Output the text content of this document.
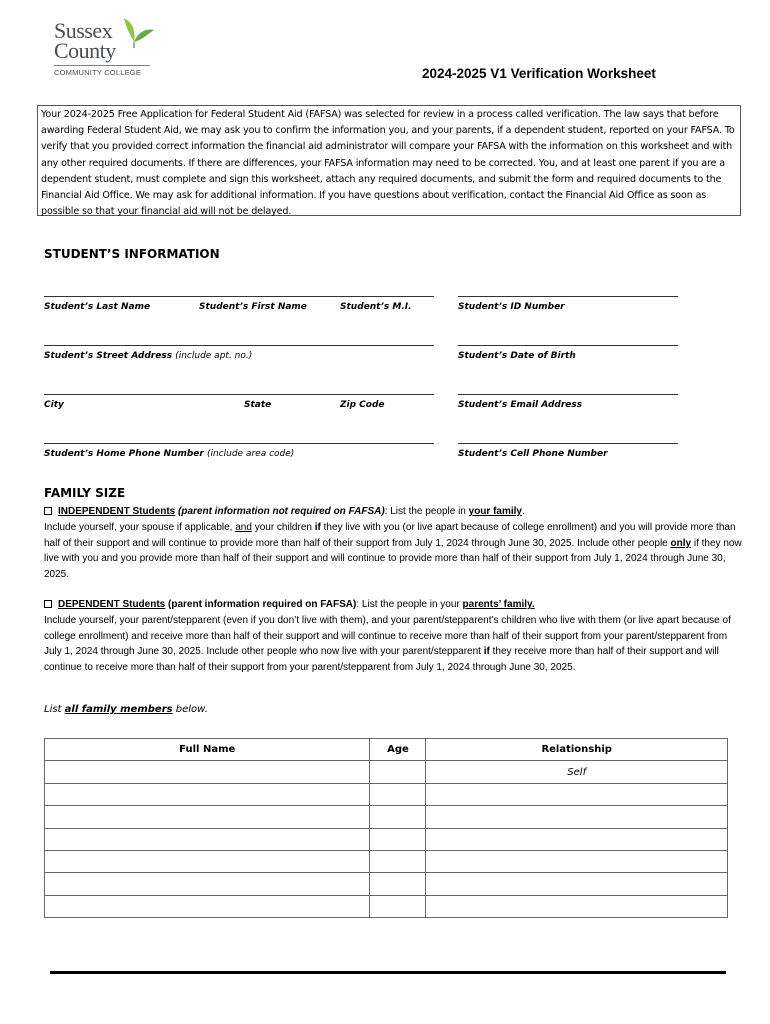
Sussex
County
COMMUNITY COLLEGE	2024-2025 V1 Verification Worksheet
Your 2024-2025 Free Application for Federal Student Aid (FAFSA) was selected for review in a process called verification. The law says that before awarding Federal Student Aid, we may ask you to confirm the information you, and your parents, if a dependent student, reported on your FAFSA. To verify that you provided correct information the financial aid administrator will compare your FAFSA with the information on this worksheet and with any other required documents. If there are differences, your FAFSA information may need to be corrected. You, and at least one parent if you are a dependent student, must complete and sign this worksheet, attach any required documents, and submit the form and required documents to the Financial Aid Office. We may ask for additional information. If you have questions about verification, contact the Financial Aid Office as soon as possible so that your financial aid will not be delayed.
STUDENT’S INFORMATION
Student’s Last Name	Student’s First Name	Student’s M.I.	Student’s ID Number
Student’s Street Address (include apt. no.)	Student’s Date of Birth
City	State	Zip Code	Student’s Email Address
Student’s Home Phone Number (include area code)	Student’s Cell Phone Number
FAMILY SIZE
INDEPENDENT Students (parent information not required on FAFSA): List the people in your family.
Include yourself, your spouse if applicable, and your children if they live with you (or live apart because of college enrollment) and you will provide more than half of their support and will continue to provide more than half of their support from July 1, 2024 through June 30, 2025. Include other people only if they now live with you and you provide more than half of their support and will continue to provide more than half of their support from July 1, 2024 through June 30, 2025.
DEPENDENT Students (parent information required on FAFSA): List the people in your parents’ family.
Include yourself, your parent/stepparent (even if you don’t live with them), and your parent/stepparent’s children who live with them (or live apart because of college enrollment) and receive more than half of their support and will continue to receive more than half of their support from your parent/stepparent from July 1, 2024 through June 30, 2025. Include other people who now live with your parent/stepparent if they receive more than half of their support and will continue to receive more than half of their support from your parent/stepparent from July 1, 2024 through June 30, 2025.
List all family members below.
Full Name	Age	Relationship
		Self
